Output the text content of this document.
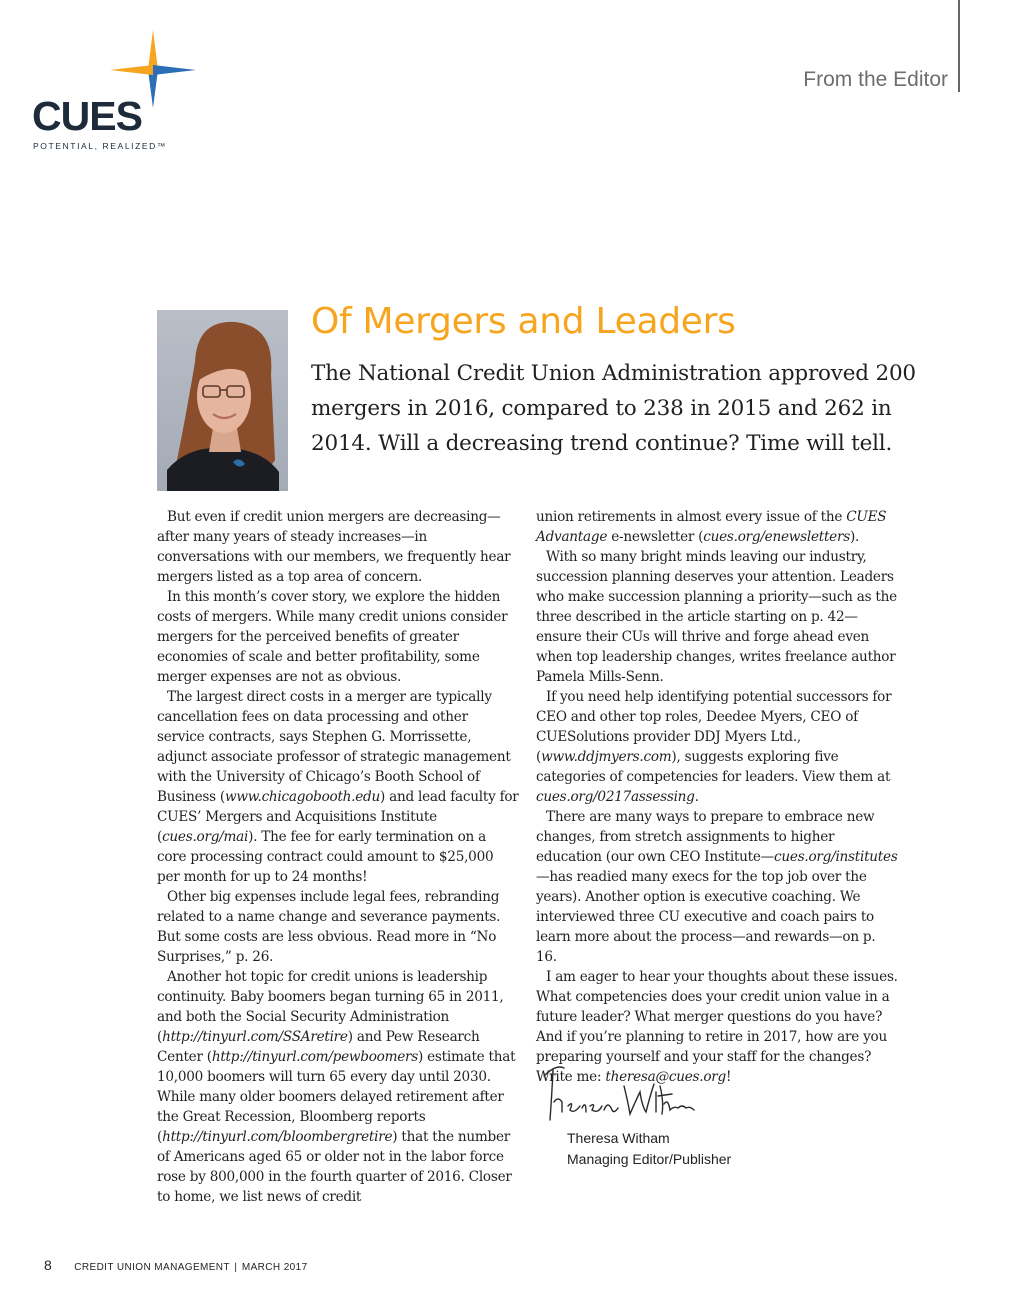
CUES
POTENTIAL, REALIZED™
From the Editor
Of Mergers and Leaders

The National Credit Union Administration approved 200 mergers in 2016, compared to 238 in 2015 and 262 in 2014. Will a decreasing trend continue? Time will tell.

But even if credit union mergers are decreasing—after many years of steady increases—in conversations with our members, we frequently hear mergers listed as a top area of concern.

In this month’s cover story, we explore the hidden costs of mergers. While many credit unions consider mergers for the perceived benefits of greater economies of scale and better profitability, some merger expenses are not as obvious.

The largest direct costs in a merger are typically cancellation fees on data processing and other service contracts, says Stephen G. Morrissette, adjunct associate professor of strategic management with the University of Chicago’s Booth School of Business (www.chicagobooth.edu) and lead faculty for CUES’ Mergers and Acquisitions Institute (cues.org/mai). The fee for early termination on a core processing contract could amount to $25,000 per month for up to 24 months!

Other big expenses include legal fees, rebranding related to a name change and severance payments. But some costs are less obvious. Read more in “No Surprises,” p. 26.

Another hot topic for credit unions is leadership continuity. Baby boomers began turning 65 in 2011, and both the Social Security Administration (http://tinyurl.com/SSAretire) and Pew Research Center (http://tinyurl.com/pewboomers) estimate that 10,000 boomers will turn 65 every day until 2030. While many older boomers delayed retirement after the Great Recession, Bloomberg reports (http://tinyurl.com/bloombergretire) that the number of Americans aged 65 or older not in the labor force rose by 800,000 in the fourth quarter of 2016. Closer to home, we list news of credit

union retirements in almost every issue of the CUES Advantage e-newsletter (cues.org/enewsletters).

With so many bright minds leaving our industry, succession planning deserves your attention. Leaders who make succession planning a priority—such as the three described in the article starting on p. 42—ensure their CUs will thrive and forge ahead even when top leadership changes, writes freelance author Pamela Mills-Senn.

If you need help identifying potential successors for CEO and other top roles, Deedee Myers, CEO of CUESolutions provider DDJ Myers Ltd., (www.ddjmyers.com), suggests exploring five categories of competencies for leaders. View them at cues.org/0217assessing.

There are many ways to prepare to embrace new changes, from stretch assignments to higher education (our own CEO Institute—cues.org/institutes—has readied many execs for the top job over the years). Another option is executive coaching. We interviewed three CU executive and coach pairs to learn more about the process—and rewards—on p. 16.

I am eager to hear your thoughts about these issues. What competencies does your credit union value in a future leader? What merger questions do you have? And if you’re planning to retire in 2017, how are you preparing yourself and your staff for the changes? Write me: theresa@cues.org!

Theresa Witham
Managing Editor/Publisher
8 CREDIT UNION MANAGEMENT | MARCH 2017
